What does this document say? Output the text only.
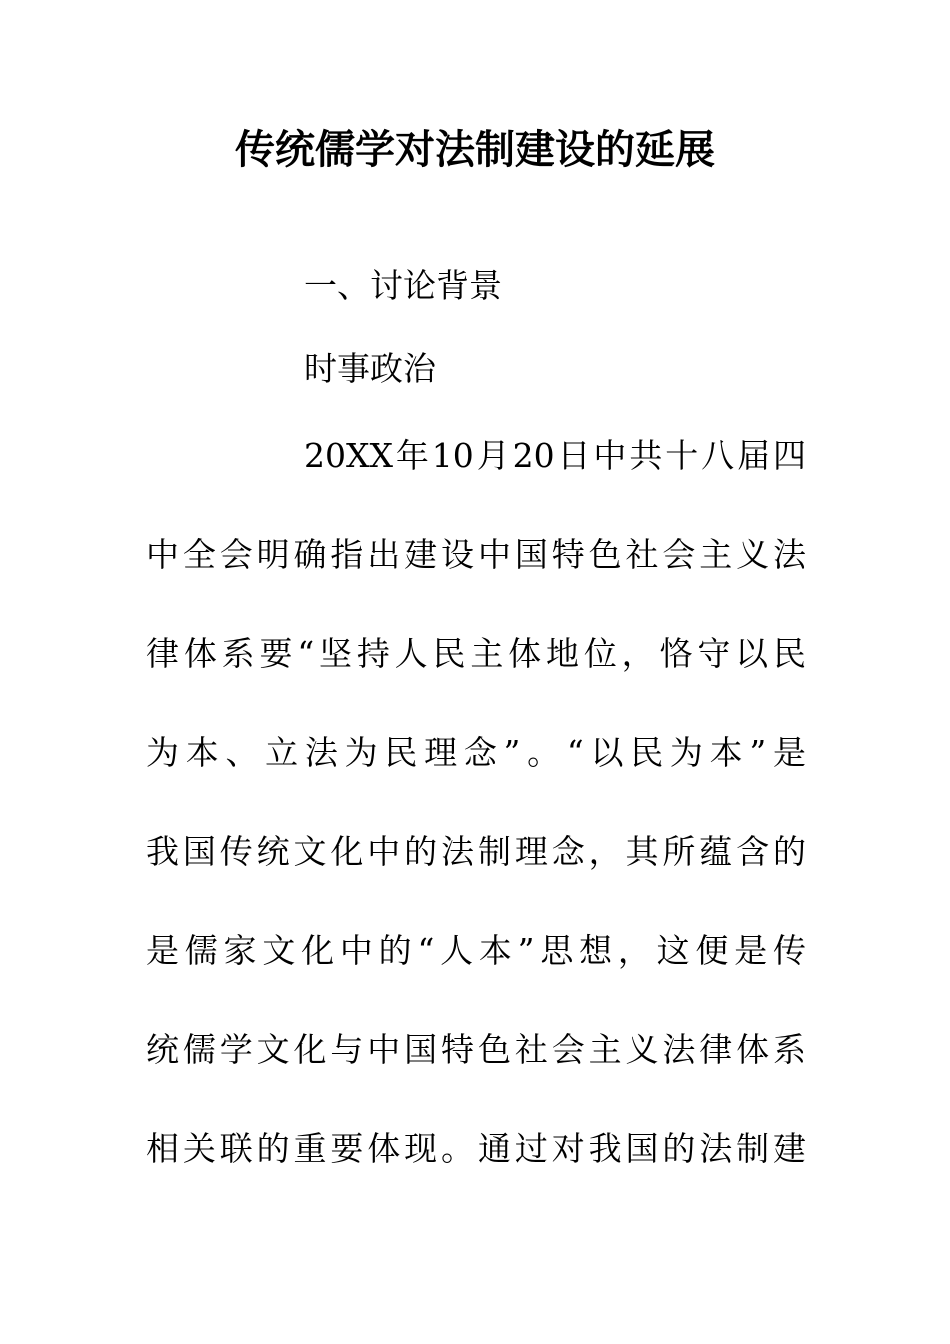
传统儒学对法制建设的延展
一、讨论背景
时事政治
20XX年10月20日中共十八届四
中全会明确指出建设中国特色社会主义法
律体系要“坚持人民主体地位，恪守以民
为本、立法为民理念”。“以民为本”是
我国传统文化中的法制理念，其所蕴含的
是儒家文化中的“人本”思想，这便是传
统儒学文化与中国特色社会主义法律体系
相关联的重要体现。通过对我国的法制建
